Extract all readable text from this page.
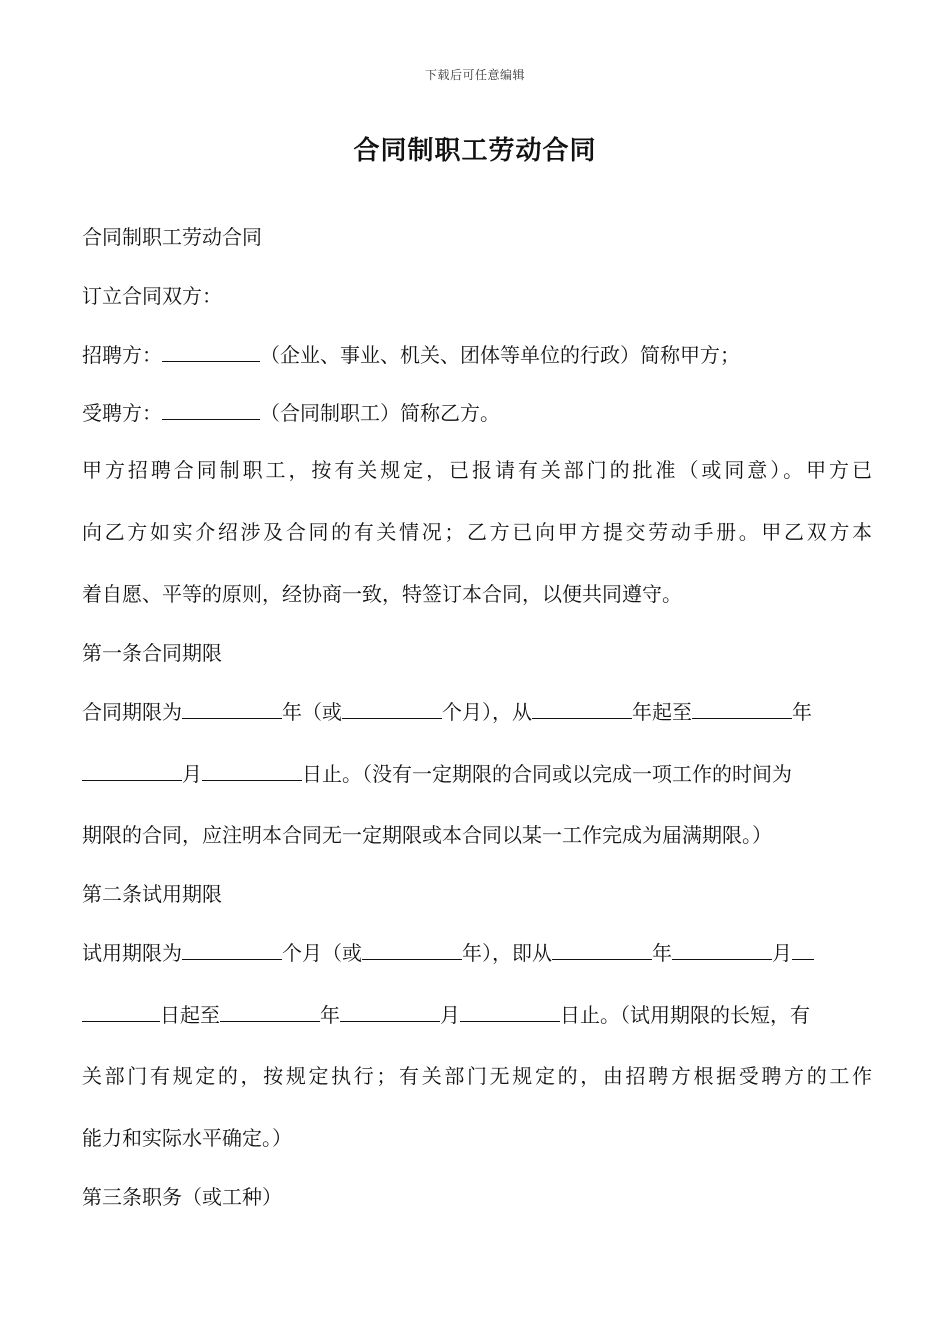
下载后可任意编辑
合同制职工劳动合同
合同制职工劳动合同
订立合同双方：
招聘方：	（企业、事业、机关、团体等单位的行政）简称甲方；
受聘方：	（合同制职工）简称乙方。
甲方招聘合同制职工，按有关规定，已报请有关部门的批准（或同意）。甲方已
向乙方如实介绍涉及合同的有关情况；乙方已向甲方提交劳动手册。甲乙双方本
着自愿、平等的原则，经协商一致，特签订本合同，以便共同遵守。
第一条合同期限
合同期限为	年（或	个月），从	年起至	年
月	日止。（没有一定期限的合同或以完成一项工作的时间为
期限的合同，应注明本合同无一定期限或本合同以某一工作完成为届满期限。）
第二条试用期限
试用期限为	个月（或	年），即从	年	月
日起至	年	月	日止。（试用期限的长短，有
关部门有规定的，按规定执行；有关部门无规定的，由招聘方根据受聘方的工作
能力和实际水平确定。）
第三条职务（或工种）
